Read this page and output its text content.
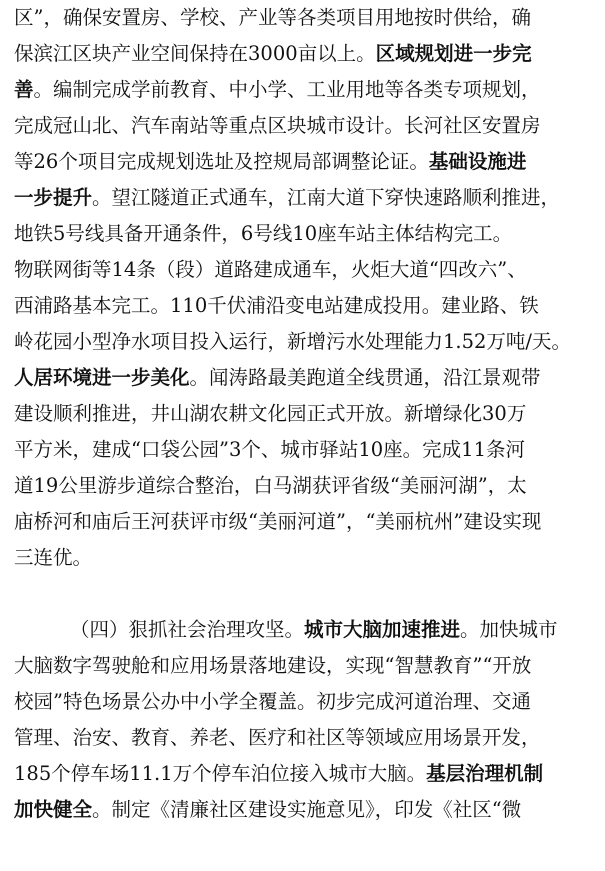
区”，确保安置房、学校、产业等各类项目用地按时供给，确
保滨江区块产业空间保持在3000亩以上。区域规划进一步完
善。编制完成学前教育、中小学、工业用地等各类专项规划，
完成冠山北、汽车南站等重点区块城市设计。长河社区安置房
等26个项目完成规划选址及控规局部调整论证。基础设施进
一步提升。望江隧道正式通车，江南大道下穿快速路顺利推进，
地铁5号线具备开通条件，6号线10座车站主体结构完工。
物联网街等14条（段）道路建成通车，火炬大道“四改六”、
西浦路基本完工。110千伏浦沿变电站建成投用。建业路、铁
岭花园小型净水项目投入运行，新增污水处理能力1.52万吨/天。
人居环境进一步美化。闻涛路最美跑道全线贯通，沿江景观带
建设顺利推进，井山湖农耕文化园正式开放。新增绿化30万
平方米，建成“口袋公园”3个、城市驿站10座。完成11条河
道19公里游步道综合整治，白马湖获评省级“美丽河湖”，太
庙桥河和庙后王河获评市级“美丽河道”，“美丽杭州”建设实现
三连优。
（四）狠抓社会治理攻坚。城市大脑加速推进。加快城市
大脑数字驾驶舱和应用场景落地建设，实现“智慧教育”“开放
校园”特色场景公办中小学全覆盖。初步完成河道治理、交通
管理、治安、教育、养老、医疗和社区等领域应用场景开发，
185个停车场11.1万个停车泊位接入城市大脑。基层治理机制
加快健全。制定《清廉社区建设实施意见》，印发《社区“微
